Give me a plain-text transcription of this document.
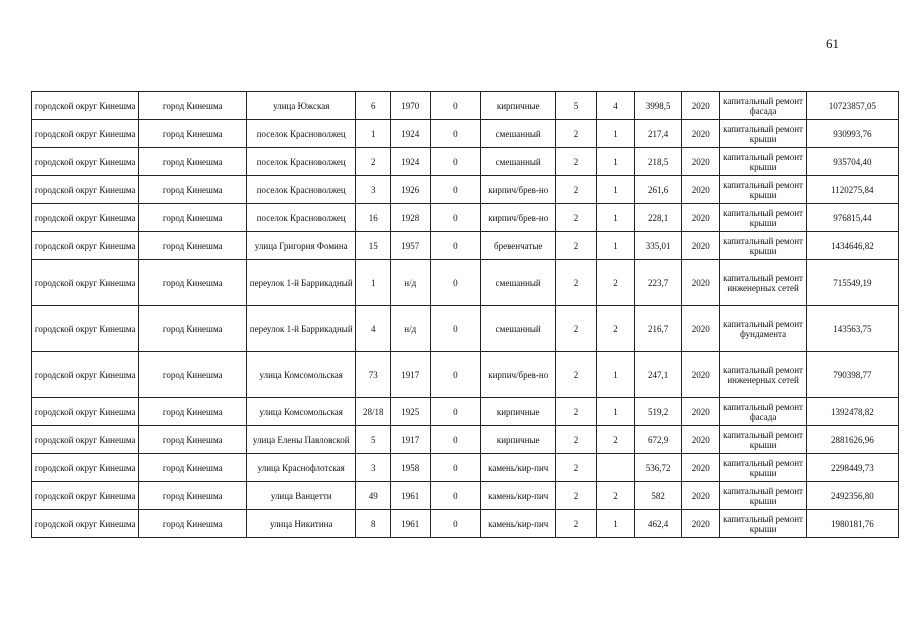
61
городской округ Кинешма	город Кинешма	улица Южская	6	1970	0	кирпичные	5	4	3998,5	2020	капитальный ремонт фасада	10723857,05
городской округ Кинешма	город Кинешма	поселок Красноволжец	1	1924	0	смешанный	2	1	217,4	2020	капитальный ремонт крыши	930993,76
городской округ Кинешма	город Кинешма	поселок Красноволжец	2	1924	0	смешанный	2	1	218,5	2020	капитальный ремонт крыши	935704,40
городской округ Кинешма	город Кинешма	поселок Красноволжец	3	1926	0	кирпич/брев-но	2	1	261,6	2020	капитальный ремонт крыши	1120275,84
городской округ Кинешма	город Кинешма	поселок Красноволжец	16	1928	0	кирпич/брев-но	2	1	228,1	2020	капитальный ремонт крыши	976815,44
городской округ Кинешма	город Кинешма	улица Григория Фомина	15	1957	0	бревенчатые	2	1	335,01	2020	капитальный ремонт крыши	1434646,82
городской округ Кинешма	город Кинешма	переулок 1-й Баррикадный	1	н/д	0	смешанный	2	2	223,7	2020	капитальный ремонт инженерных сетей	715549,19
городской округ Кинешма	город Кинешма	переулок 1-й Баррикадный	4	н/д	0	смешанный	2	2	216,7	2020	капитальный ремонт фундамента	143563,75
городской округ Кинешма	город Кинешма	улица Комсомольская	73	1917	0	кирпич/брев-но	2	1	247,1	2020	капитальный ремонт инженерных сетей	790398,77
городской округ Кинешма	город Кинешма	улица Комсомольская	28/18	1925	0	кирпичные	2	1	519,2	2020	капитальный ремонт фасада	1392478,82
городской округ Кинешма	город Кинешма	улица Елены Павловской	5	1917	0	кирпичные	2	2	672,9	2020	капитальный ремонт крыши	2881626,96
городской округ Кинешма	город Кинешма	улица Краснофлотская	3	1958	0	камень/кир-пич	2		536,72	2020	капитальный ремонт крыши	2298449,73
городской округ Кинешма	город Кинешма	улица Ванцетти	49	1961	0	камень/кир-пич	2	2	582	2020	капитальный ремонт крыши	2492356,80
городской округ Кинешма	город Кинешма	улица Никитина	8	1961	0	камень/кир-пич	2	1	462,4	2020	капитальный ремонт крыши	1980181,76
